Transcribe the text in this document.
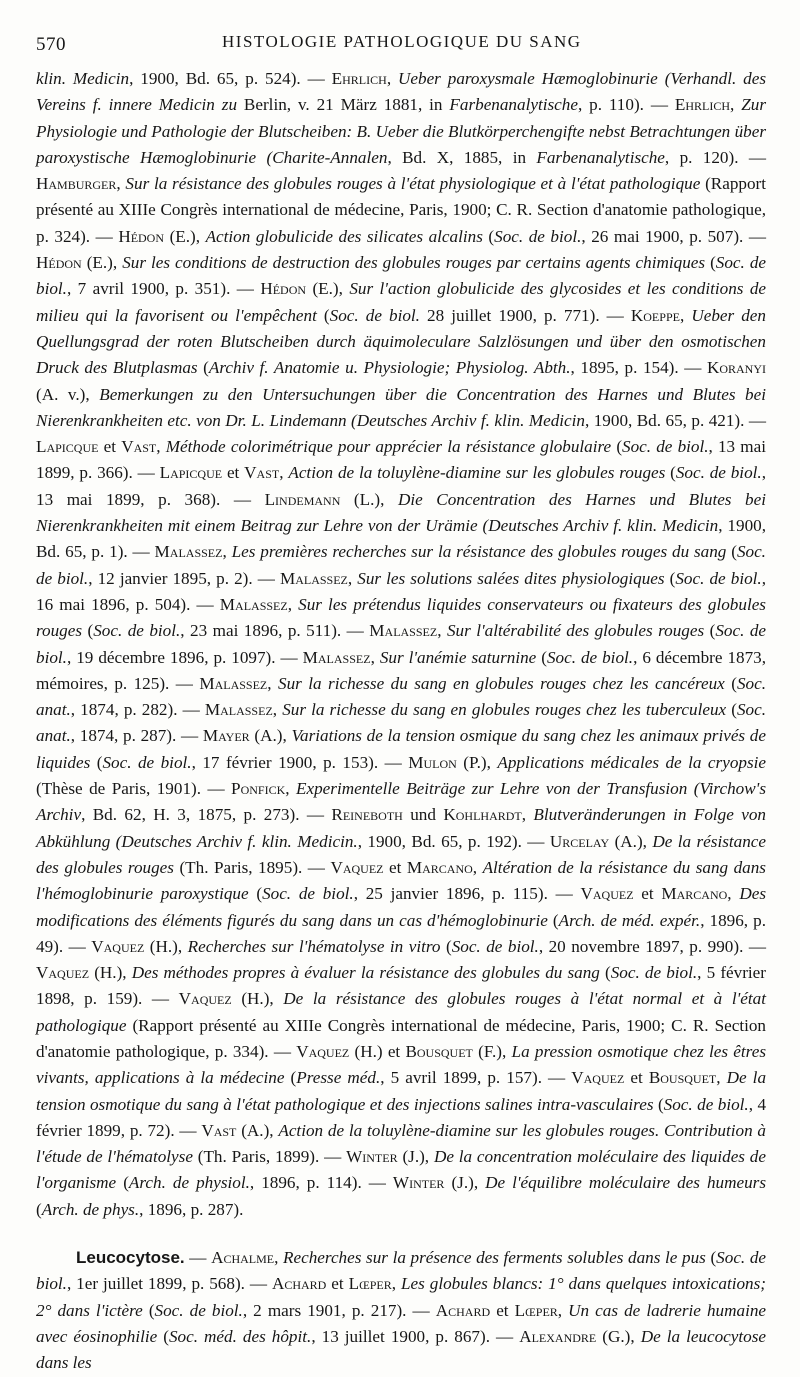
570	HISTOLOGIE PATHOLOGIQUE DU SANG

klin. Medicin, 1900, Bd. 65, p. 524). — Ehrlich, Ueber paroxysmale Hæmoglobinurie (Verhandl. des Vereins f. innere Medicin zu Berlin, v. 21 März 1881, in Farbenanalytische, p. 110). — Ehrlich, Zur Physiologie und Pathologie der Blutscheiben: B. Ueber die Blutkörperchengifte nebst Betrachtungen über paroxystische Hæmoglobinurie (Charite-Annalen, Bd. X, 1885, in Farbenanalytische, p. 120). — Hamburger, Sur la résistance des globules rouges à l'état physiologique et à l'état pathologique (Rapport présenté au XIIIe Congrès international de médecine, Paris, 1900; C. R. Section d'anatomie pathologique, p. 324). — Hédon (E.), Action globulicide des silicates alcalins (Soc. de biol., 26 mai 1900, p. 507). — Hédon (E.), Sur les conditions de destruction des globules rouges par certains agents chimiques (Soc. de biol., 7 avril 1900, p. 351). — Hédon (E.), Sur l'action globulicide des glycosides et les conditions de milieu qui la favorisent ou l'empêchent (Soc. de biol. 28 juillet 1900, p. 771). — Koeppe, Ueber den Quellungsgrad der roten Blutscheiben durch äquimoleculare Salzlösungen und über den osmotischen Druck des Blutplasmas (Archiv f. Anatomie u. Physiologie; Physiolog. Abth., 1895, p. 154). — Koranyi (A. v.), Bemerkungen zu den Untersuchungen über die Concentration des Harnes und Blutes bei Nierenkrankheiten etc. von Dr. L. Lindemann (Deutsches Archiv f. klin. Medicin, 1900, Bd. 65, p. 421). — Lapicque et Vast, Méthode colorimétrique pour apprécier la résistance globulaire (Soc. de biol., 13 mai 1899, p. 366). — Lapicque et Vast, Action de la toluylène-diamine sur les globules rouges (Soc. de biol., 13 mai 1899, p. 368). — Lindemann (L.), Die Concentration des Harnes und Blutes bei Nierenkrankheiten mit einem Beitrag zur Lehre von der Urämie (Deutsches Archiv f. klin. Medicin, 1900, Bd. 65, p. 1). — Malassez, Les premières recherches sur la résistance des globules rouges du sang (Soc. de biol., 12 janvier 1895, p. 2). — Malassez, Sur les solutions salées dites physiologiques (Soc. de biol., 16 mai 1896, p. 504). — Malassez, Sur les prétendus liquides conservateurs ou fixateurs des globules rouges (Soc. de biol., 23 mai 1896, p. 511). — Malassez, Sur l'altérabilité des globules rouges (Soc. de biol., 19 décembre 1896, p. 1097). — Malassez, Sur l'anémie saturnine (Soc. de biol., 6 décembre 1873, mémoires, p. 125). — Malassez, Sur la richesse du sang en globules rouges chez les cancéreux (Soc. anat., 1874, p. 282). — Malassez, Sur la richesse du sang en globules rouges chez les tuberculeux (Soc. anat., 1874, p. 287). — Mayer (A.), Variations de la tension osmique du sang chez les animaux privés de liquides (Soc. de biol., 17 février 1900, p. 153). — Mulon (P.), Applications médicales de la cryopsie (Thèse de Paris, 1901). — Ponfick, Experimentelle Beiträge zur Lehre von der Transfusion (Virchow's Archiv, Bd. 62, H. 3, 1875, p. 273). — Reineboth und Kohlhardt, Blutveränderungen in Folge von Abkühlung (Deutsches Archiv f. klin. Medicin., 1900, Bd. 65, p. 192). — Urcelay (A.), De la résistance des globules rouges (Th. Paris, 1895). — Vaquez et Marcano, Altération de la résistance du sang dans l'hémoglobinurie paroxystique (Soc. de biol., 25 janvier 1896, p. 115). — Vaquez et Marcano, Des modifications des éléments figurés du sang dans un cas d'hémoglobinurie (Arch. de méd. expér., 1896, p. 49). — Vaquez (H.), Recherches sur l'hématolyse in vitro (Soc. de biol., 20 novembre 1897, p. 990). — Vaquez (H.), Des méthodes propres à évaluer la résistance des globules du sang (Soc. de biol., 5 février 1898, p. 159). — Vaquez (H.), De la résistance des globules rouges à l'état normal et à l'état pathologique (Rapport présenté au XIIIe Congrès international de médecine, Paris, 1900; C. R. Section d'anatomie pathologique, p. 334). — Vaquez (H.) et Bousquet (F.), La pression osmotique chez les êtres vivants, applications à la médecine (Presse méd., 5 avril 1899, p. 157). — Vaquez et Bousquet, De la tension osmotique du sang à l'état pathologique et des injections salines intra-vasculaires (Soc. de biol., 4 février 1899, p. 72). — Vast (A.), Action de la toluylène-diamine sur les globules rouges. Contribution à l'étude de l'hématolyse (Th. Paris, 1899). — Winter (J.), De la concentration moléculaire des liquides de l'organisme (Arch. de physiol., 1896, p. 114). — Winter (J.), De l'équilibre moléculaire des humeurs (Arch. de phys., 1896, p. 287).

Leucocytose. — Achalme, Recherches sur la présence des ferments solubles dans le pus (Soc. de biol., 1er juillet 1899, p. 568). — Achard et Lœper, Les globules blancs: 1° dans quelques intoxications; 2° dans l'ictère (Soc. de biol., 2 mars 1901, p. 217). — Achard et Lœper, Un cas de ladrerie humaine avec éosinophilie (Soc. méd. des hôpit., 13 juillet 1900, p. 867). — Alexandre (G.), De la leucocytose dans les
